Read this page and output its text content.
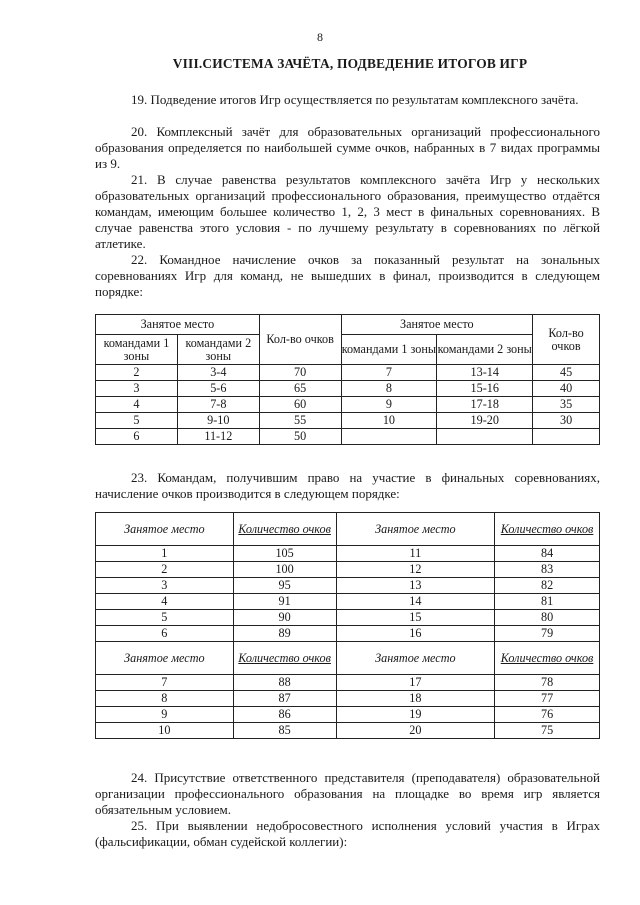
8
VIII.СИСТЕМА ЗАЧЁТА, ПОДВЕДЕНИЕ ИТОГОВ ИГР

19. Подведение итогов Игр осуществляется по результатам комплексного зачёта.

20. Комплексный зачёт для образовательных организаций профессионального образования определяется по наибольшей сумме очков, набранных в 7 видах программы из 9.

21. В случае равенства результатов комплексного зачёта Игр у нескольких образовательных организаций профессионального образования, преимущество отдаётся командам, имеющим большее количество 1, 2, 3 мест в финальных соревнованиях. В случае равенства этого условия - по лучшему результату в соревнованиях по лёгкой атлетике.

22. Командное начисление очков за показанный результат на зональных соревнованиях Игр для команд, не вышедших в финал, производится в следующем порядке:

Занятое место		Кол-во очков	Занятое место		Кол-во очков
командами 1 зоны	командами 2 зоны		командами 1 зоны	командами 2 зоны	
2	3-4	70	7	13-14	45
3	5-6	65	8	15-16	40
4	7-8	60	9	17-18	35
5	9-10	55	10	19-20	30
6	11-12	50			

23. Командам, получившим право на участие в финальных соревнованиях, начисление очков производится в следующем порядке:

Занятое место	Количество очков	Занятое место	Количество очков
1	105	11	84
2	100	12	83
3	95	13	82
4	91	14	81
5	90	15	80
6	89	16	79
Занятое место	Количество очков	Занятое место	Количество очков
7	88	17	78
8	87	18	77
9	86	19	76
10	85	20	75

24. Присутствие ответственного представителя (преподавателя) образовательной организации профессионального образования на площадке во время игр является обязательным условием.

25. При выявлении недобросовестного исполнения условий участия в Играх (фальсификации, обман судейской коллегии):
